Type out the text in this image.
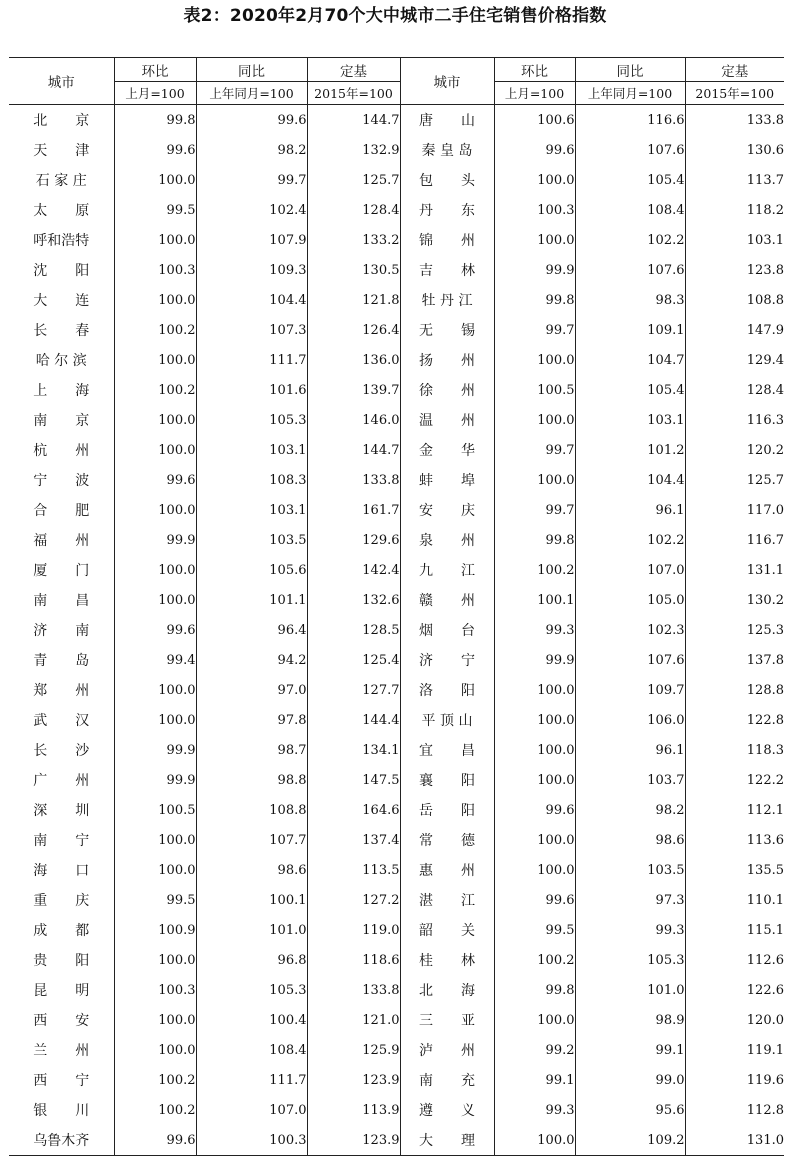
表2：2020年2月70个大中城市二手住宅销售价格指数
城市	环比	同比	定基	城市	环比	同比	定基
	上月=100	上年同月=100	2015年=100		上月=100	上年同月=100	2015年=100
北　　京	99.8	99.6	144.7	唐　　山	100.6	116.6	133.8
天　　津	99.6	98.2	132.9	秦 皇 岛	99.6	107.6	130.6
石 家 庄	100.0	99.7	125.7	包　　头	100.0	105.4	113.7
太　　原	99.5	102.4	128.4	丹　　东	100.3	108.4	118.2
呼和浩特	100.0	107.9	133.2	锦　　州	100.0	102.2	103.1
沈　　阳	100.3	109.3	130.5	吉　　林	99.9	107.6	123.8
大　　连	100.0	104.4	121.8	牡 丹 江	99.8	98.3	108.8
长　　春	100.2	107.3	126.4	无　　锡	99.7	109.1	147.9
哈 尔 滨	100.0	111.7	136.0	扬　　州	100.0	104.7	129.4
上　　海	100.2	101.6	139.7	徐　　州	100.5	105.4	128.4
南　　京	100.0	105.3	146.0	温　　州	100.0	103.1	116.3
杭　　州	100.0	103.1	144.7	金　　华	99.7	101.2	120.2
宁　　波	99.6	108.3	133.8	蚌　　埠	100.0	104.4	125.7
合　　肥	100.0	103.1	161.7	安　　庆	99.7	96.1	117.0
福　　州	99.9	103.5	129.6	泉　　州	99.8	102.2	116.7
厦　　门	100.0	105.6	142.4	九　　江	100.2	107.0	131.1
南　　昌	100.0	101.1	132.6	赣　　州	100.1	105.0	130.2
济　　南	99.6	96.4	128.5	烟　　台	99.3	102.3	125.3
青　　岛	99.4	94.2	125.4	济　　宁	99.9	107.6	137.8
郑　　州	100.0	97.0	127.7	洛　　阳	100.0	109.7	128.8
武　　汉	100.0	97.8	144.4	平 顶 山	100.0	106.0	122.8
长　　沙	99.9	98.7	134.1	宜　　昌	100.0	96.1	118.3
广　　州	99.9	98.8	147.5	襄　　阳	100.0	103.7	122.2
深　　圳	100.5	108.8	164.6	岳　　阳	99.6	98.2	112.1
南　　宁	100.0	107.7	137.4	常　　德	100.0	98.6	113.6
海　　口	100.0	98.6	113.5	惠　　州	100.0	103.5	135.5
重　　庆	99.5	100.1	127.2	湛　　江	99.6	97.3	110.1
成　　都	100.9	101.0	119.0	韶　　关	99.5	99.3	115.1
贵　　阳	100.0	96.8	118.6	桂　　林	100.2	105.3	112.6
昆　　明	100.3	105.3	133.8	北　　海	99.8	101.0	122.6
西　　安	100.0	100.4	121.0	三　　亚	100.0	98.9	120.0
兰　　州	100.0	108.4	125.9	泸　　州	99.2	99.1	119.1
西　　宁	100.2	111.7	123.9	南　　充	99.1	99.0	119.6
银　　川	100.2	107.0	113.9	遵　　义	99.3	95.6	112.8
乌鲁木齐	99.6	100.3	123.9	大　　理	100.0	109.2	131.0
